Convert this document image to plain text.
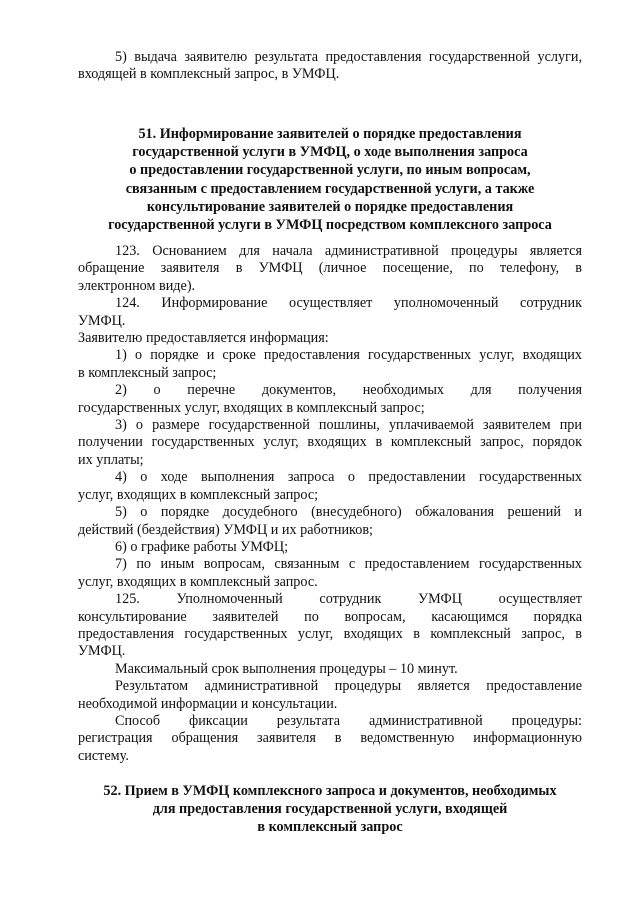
5) выдача заявителю результата предоставления государственной услуги,

входящей в комплексный запрос, в УМФЦ.

51. Информирование заявителей о порядке предоставления

государственной услуги в УМФЦ, о ходе выполнения запроса

о предоставлении государственной услуги, по иным вопросам,

связанным с предоставлением государственной услуги, а также

консультирование заявителей о порядке предоставления

государственной услуги в УМФЦ посредством комплексного запроса

123. Основанием для начала административной процедуры является

обращение заявителя в УМФЦ (личное посещение, по телефону, в

электронном виде).

124. Информирование осуществляет уполномоченный сотрудник

УМФЦ.

Заявителю предоставляется информация:

1) о порядке и сроке предоставления государственных услуг, входящих

в комплексный запрос;

2) о перечне документов, необходимых для получения

государственных услуг, входящих в комплексный запрос;

3) о размере государственной пошлины, уплачиваемой заявителем при

получении государственных услуг, входящих в комплексный запрос, порядок

их уплаты;

4) о ходе выполнения запроса о предоставлении государственных

услуг, входящих в комплексный запрос;

5) о порядке досудебного (внесудебного) обжалования решений и

действий (бездействия) УМФЦ и их работников;

6) о графике работы УМФЦ;

7) по иным вопросам, связанным с предоставлением государственных

услуг, входящих в комплексный запрос.

125. Уполномоченный сотрудник УМФЦ осуществляет

консультирование заявителей по вопросам, касающимся порядка

предоставления государственных услуг, входящих в комплексный запрос, в

УМФЦ.

Максимальный срок выполнения процедуры – 10 минут.

Результатом административной процедуры является предоставление

необходимой информации и консультации.

Способ фиксации результата административной процедуры:

регистрация обращения заявителя в ведомственную информационную

систему.

52. Прием в УМФЦ комплексного запроса и документов, необходимых

для предоставления государственной услуги, входящей

в комплексный запрос
